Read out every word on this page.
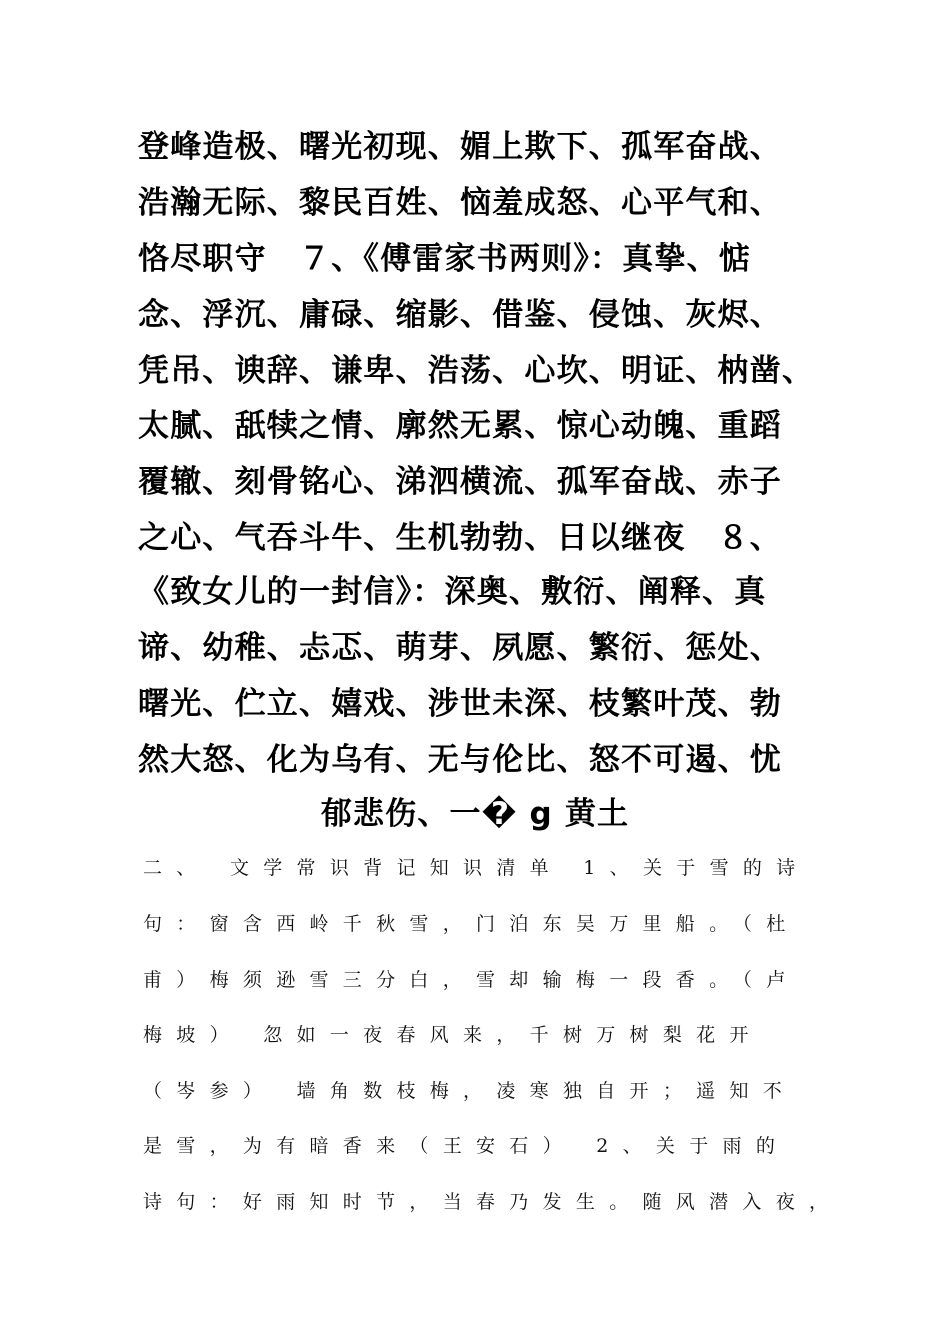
登峰造极、曙光初现、媚上欺下、孤军奋战、
浩瀚无际、黎民百姓、恼羞成怒、心平气和、
恪尽职守　７、《傅雷家书两则》：真挚、惦
念、浮沉、庸碌、缩影、借鉴、侵蚀、灰烬、
凭吊、谀辞、谦卑、浩荡、心坎、明证、枘凿、
太腻、舐犊之情、廓然无累、惊心动魄、重蹈
覆辙、刻骨铭心、涕泗横流、孤军奋战、赤子
之心、气吞斗牛、生机勃勃、日以继夜　８、
《致女儿的一封信》：深奥、敷衍、阐释、真
谛、幼稚、忐忑、萌芽、夙愿、繁衍、惩处、
曙光、伫立、嬉戏、涉世未深、枝繁叶茂、勃
然大怒、化为乌有、无与伦比、怒不可遏、忧
郁悲伤、一� g 黄土
二、 文学常识背记知识清单 1、关于雪的诗
句：窗含西岭千秋雪，门泊东吴万里船。（杜
甫）梅须逊雪三分白，雪却输梅一段香。（卢
梅坡） 忽如一夜春风来，千树万树梨花开
（岑参） 墙角数枝梅，凌寒独自开；遥知不
是雪，为有暗香来（王安石） 2、关于雨的
诗句：好雨知时节，当春乃发生。随风潜入夜，
